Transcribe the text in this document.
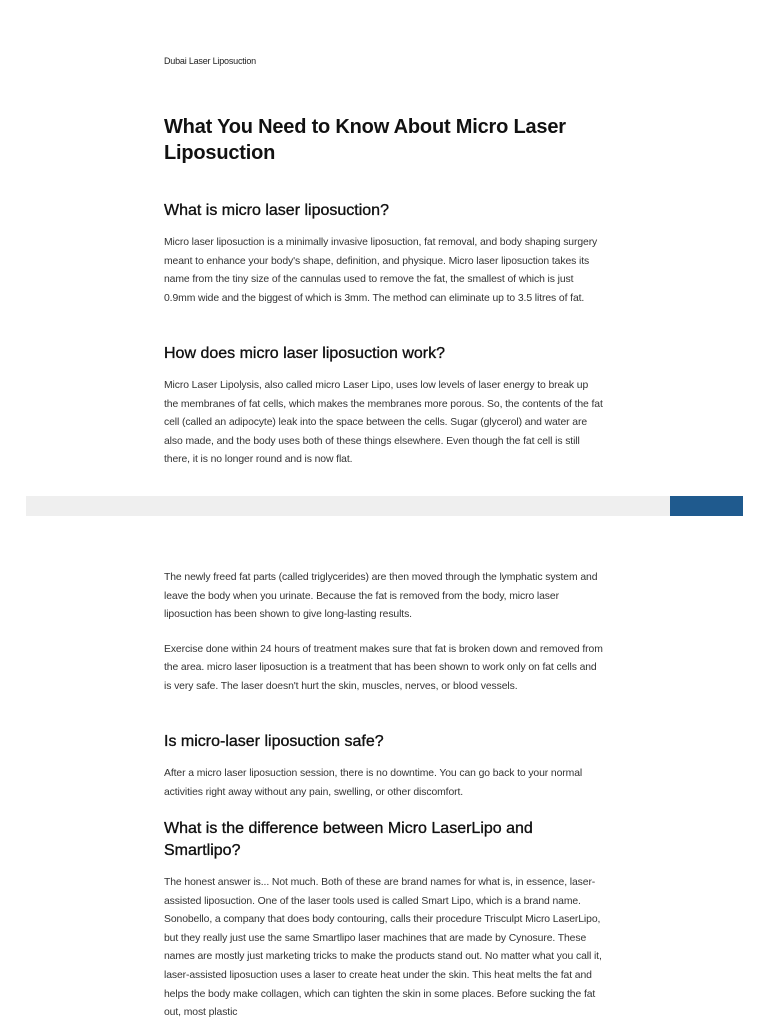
Dubai Laser Liposuction
What You Need to Know About Micro Laser Liposuction
What is micro laser liposuction?

Micro laser liposuction is a minimally invasive liposuction, fat removal, and body shaping surgery meant to enhance your body's shape, definition, and physique. Micro laser liposuction takes its name from the tiny size of the cannulas used to remove the fat, the smallest of which is just 0.9mm wide and the biggest of which is 3mm. The method can eliminate up to 3.5 litres of fat.

How does micro laser liposuction work?

Micro Laser Lipolysis, also called micro Laser Lipo, uses low levels of laser energy to break up the membranes of fat cells, which makes the membranes more porous. So, the contents of the fat cell (called an adipocyte) leak into the space between the cells. Sugar (glycerol) and water are also made, and the body uses both of these things elsewhere. Even though the fat cell is still there, it is no longer round and is now flat.

The newly freed fat parts (called triglycerides) are then moved through the lymphatic system and leave the body when you urinate. Because the fat is removed from the body, micro laser liposuction has been shown to give long-lasting results.

Exercise done within 24 hours of treatment makes sure that fat is broken down and removed from the area. micro laser liposuction is a treatment that has been shown to work only on fat cells and is very safe. The laser doesn't hurt the skin, muscles, nerves, or blood vessels.

Is micro-laser liposuction safe?

After a micro laser liposuction session, there is no downtime. You can go back to your normal activities right away without any pain, swelling, or other discomfort.

What is the difference between Micro LaserLipo and Smartlipo?

The honest answer is... Not much. Both of these are brand names for what is, in essence, laser-assisted liposuction. One of the laser tools used is called Smart Lipo, which is a brand name. Sonobello, a company that does body contouring, calls their procedure Trisculpt Micro LaserLipo, but they really just use the same Smartlipo laser machines that are made by Cynosure. These names are mostly just marketing tricks to make the products stand out. No matter what you call it, laser-assisted liposuction uses a laser to create heat under the skin. This heat melts the fat and helps the body make collagen, which can tighten the skin in some places. Before sucking the fat out, most plastic
